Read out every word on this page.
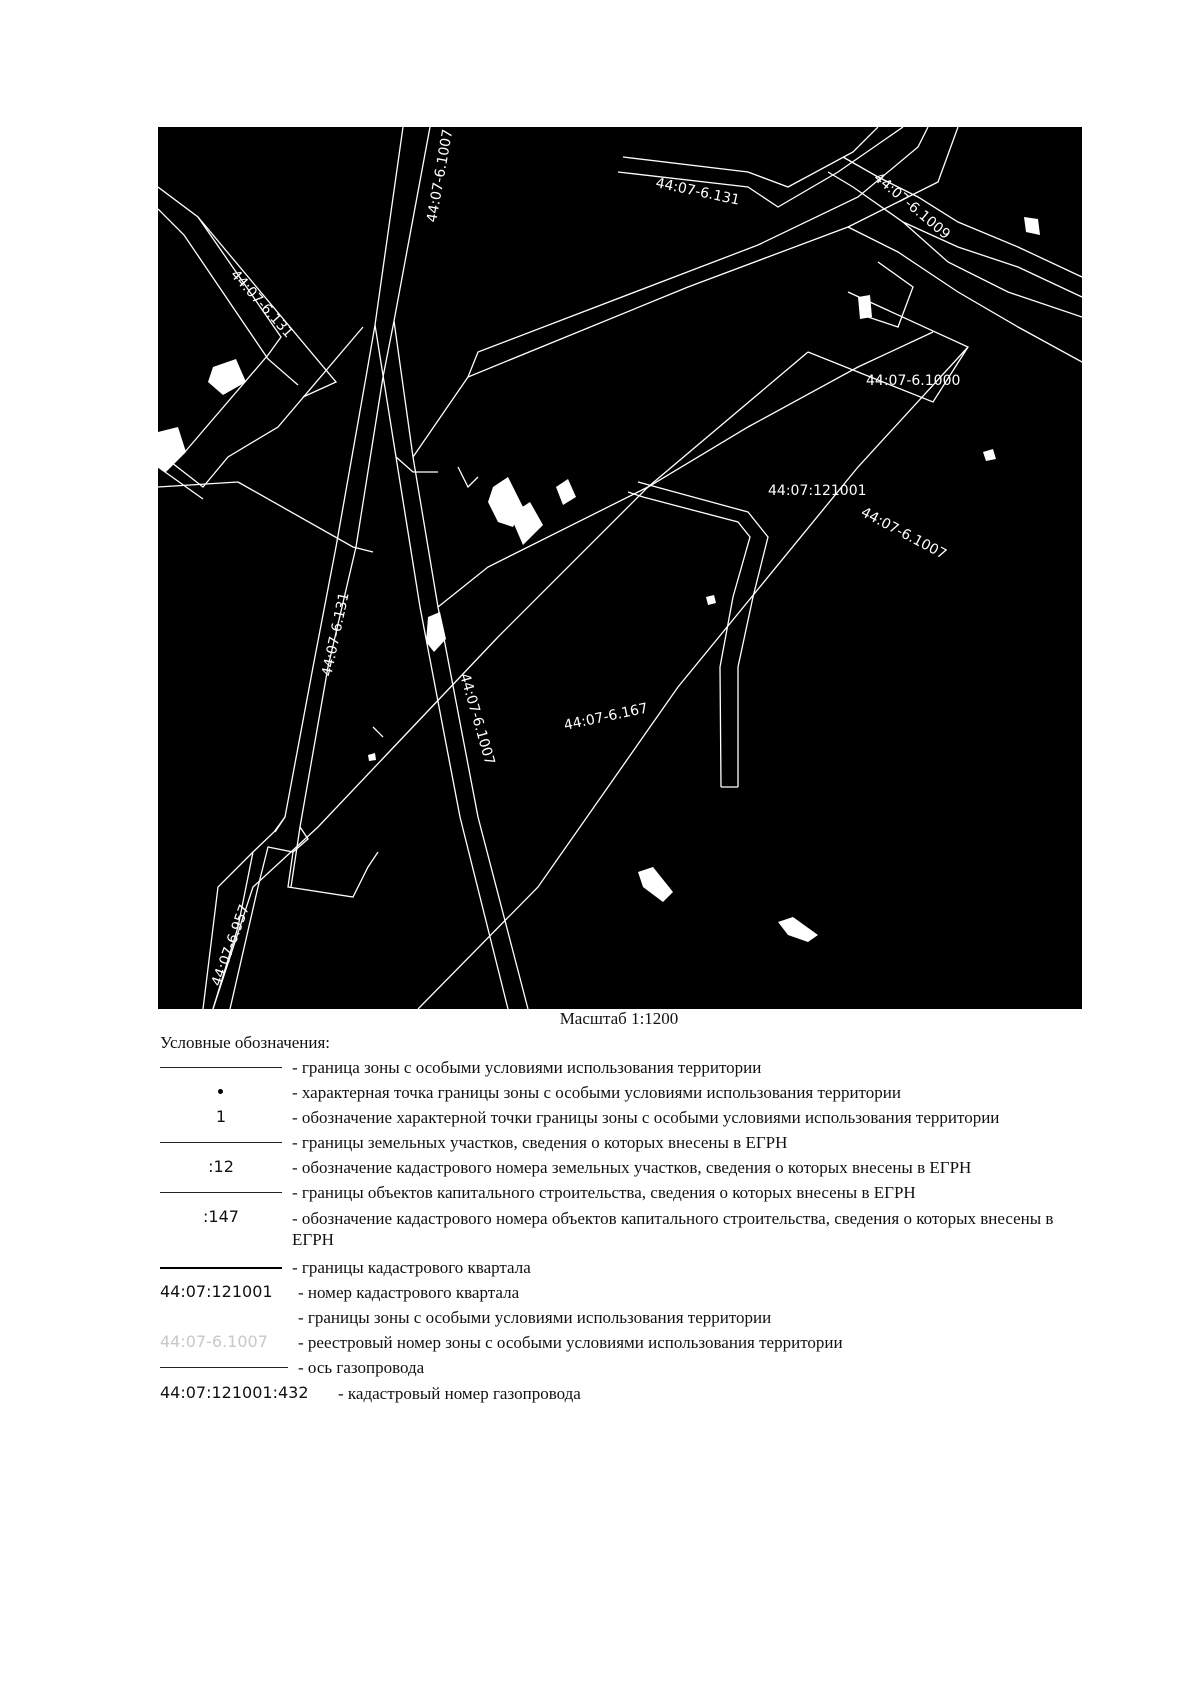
44:07-6.131
44:07-6.1007	44:07-6.131	44:07-6.1009
44:07-6.1007
44:07-6.1000
44:07:121001
44:07-6.131
44:07-6.1007	44:07-6.167
44:07-6.957
Масштаб 1:1200
Условные обозначения:
- граница зоны с особыми условиями использования территории
- характерная точка границы зоны с особыми условиями использования территории
1	- обозначение характерной точки границы зоны с особыми условиями использования территории
- границы земельных участков, сведения о которых внесены в ЕГРН
:12	- обозначение кадастрового номера земельных участков, сведения о которых внесены в ЕГРН
- границы объектов капитального строительства, сведения о которых внесены в ЕГРН
:147	- обозначение кадастрового номера объектов капитального строительства, сведения о которых внесены в ЕГРН
- границы кадастрового квартала
44:07:121001	- номер кадастрового квартала
- границы зоны с особыми условиями использования территории
44:07-6.1007	- реестровый номер зоны с особыми условиями использования территории
- ось газопровода
44:07:121001:432	- кадастровый номер газопровода
